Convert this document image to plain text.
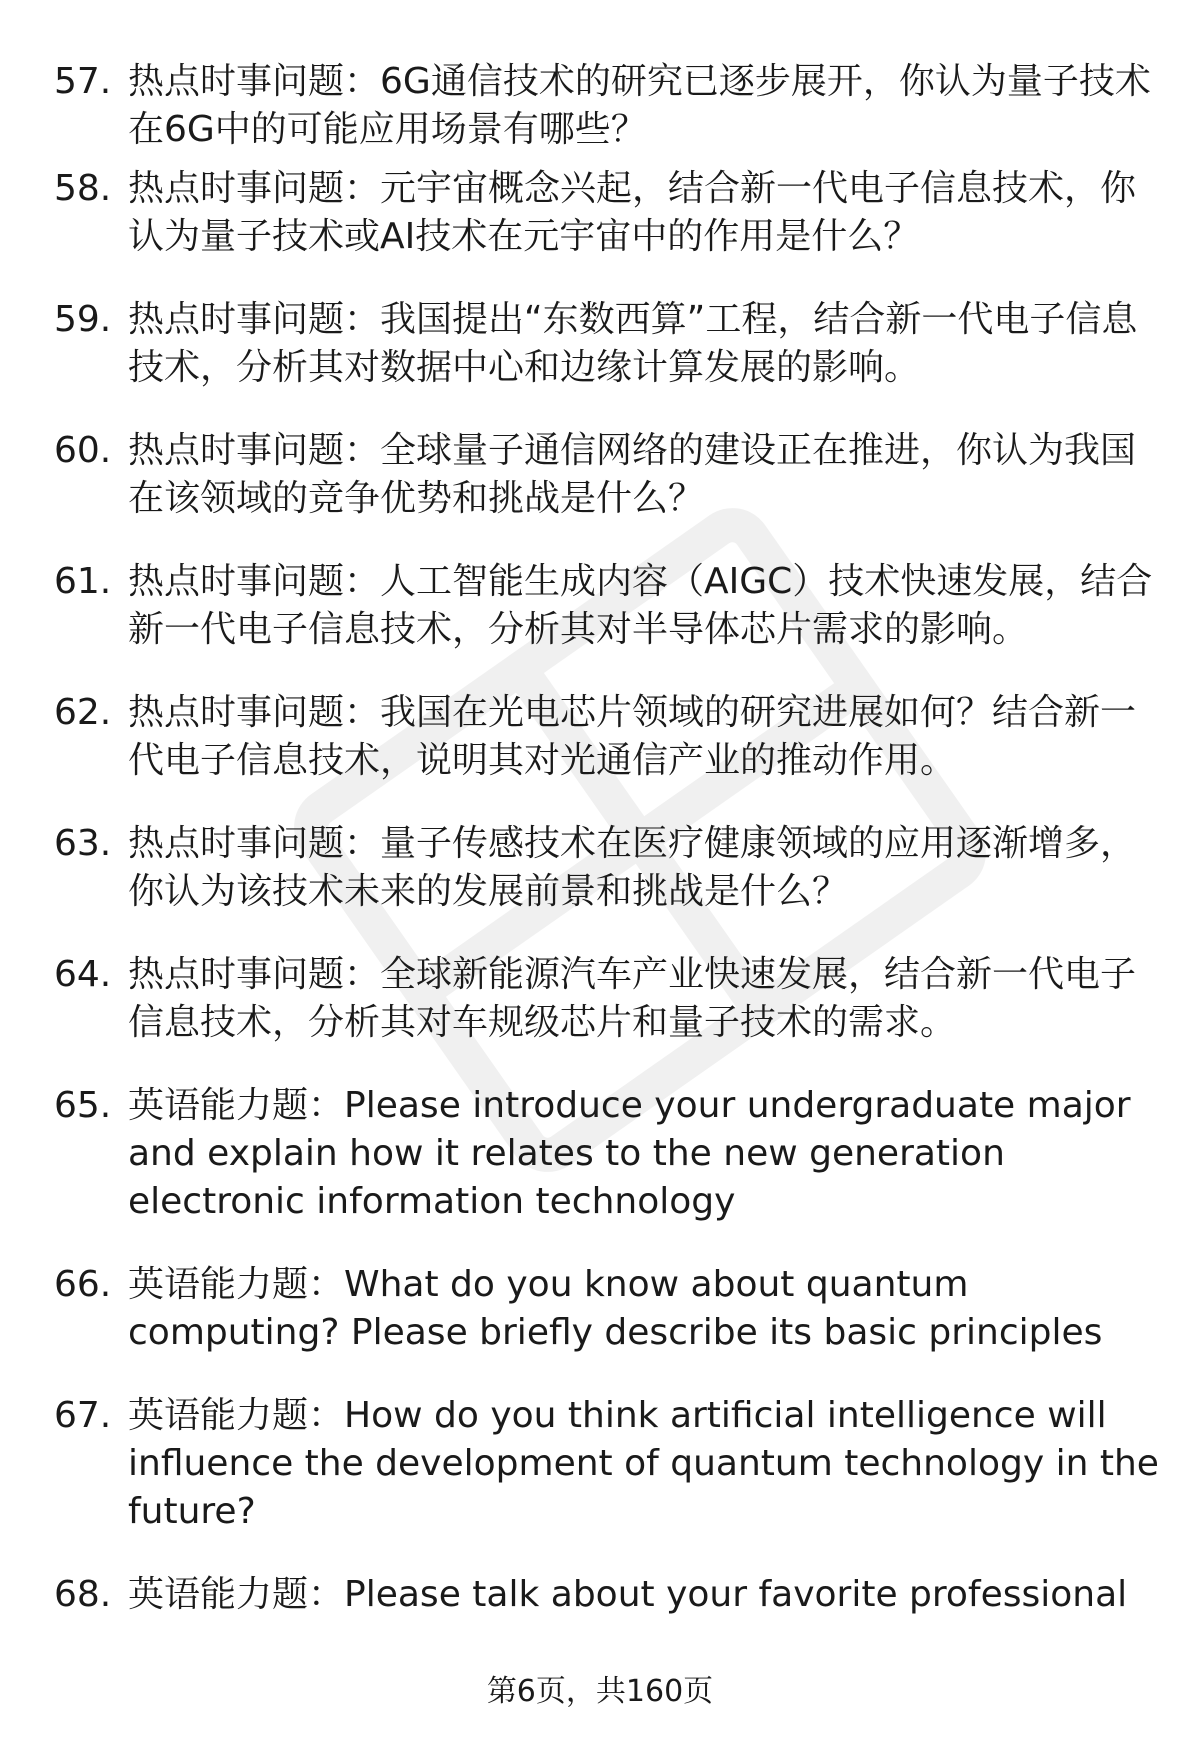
57. 热点时事问题：6G通信技术的研究已逐步展开，你认为量子技术在6G中的可能应用场景有哪些？
58. 热点时事问题：元宇宙概念兴起，结合新一代电子信息技术，你认为量子技术或AI技术在元宇宙中的作用是什么？
59. 热点时事问题：我国提出“东数西算”工程，结合新一代电子信息技术，分析其对数据中心和边缘计算发展的影响。
60. 热点时事问题：全球量子通信网络的建设正在推进，你认为我国在该领域的竞争优势和挑战是什么？
61. 热点时事问题：人工智能生成内容（AIGC）技术快速发展，结合新一代电子信息技术，分析其对半导体芯片需求的影响。
62. 热点时事问题：我国在光电芯片领域的研究进展如何？结合新一代电子信息技术，说明其对光通信产业的推动作用。
63. 热点时事问题：量子传感技术在医疗健康领域的应用逐渐增多，你认为该技术未来的发展前景和挑战是什么？
64. 热点时事问题：全球新能源汽车产业快速发展，结合新一代电子信息技术，分析其对车规级芯片和量子技术的需求。
65. 英语能力题：Please introduce your undergraduate major and explain how it relates to the new generation electronic information technology
66. 英语能力题：What do you know about quantum computing? Please briefly describe its basic principles
67. 英语能力题：How do you think artificial intelligence will influence the development of quantum technology in the future?
68. 英语能力题：Please talk about your favorite professional
第6页，共160页
